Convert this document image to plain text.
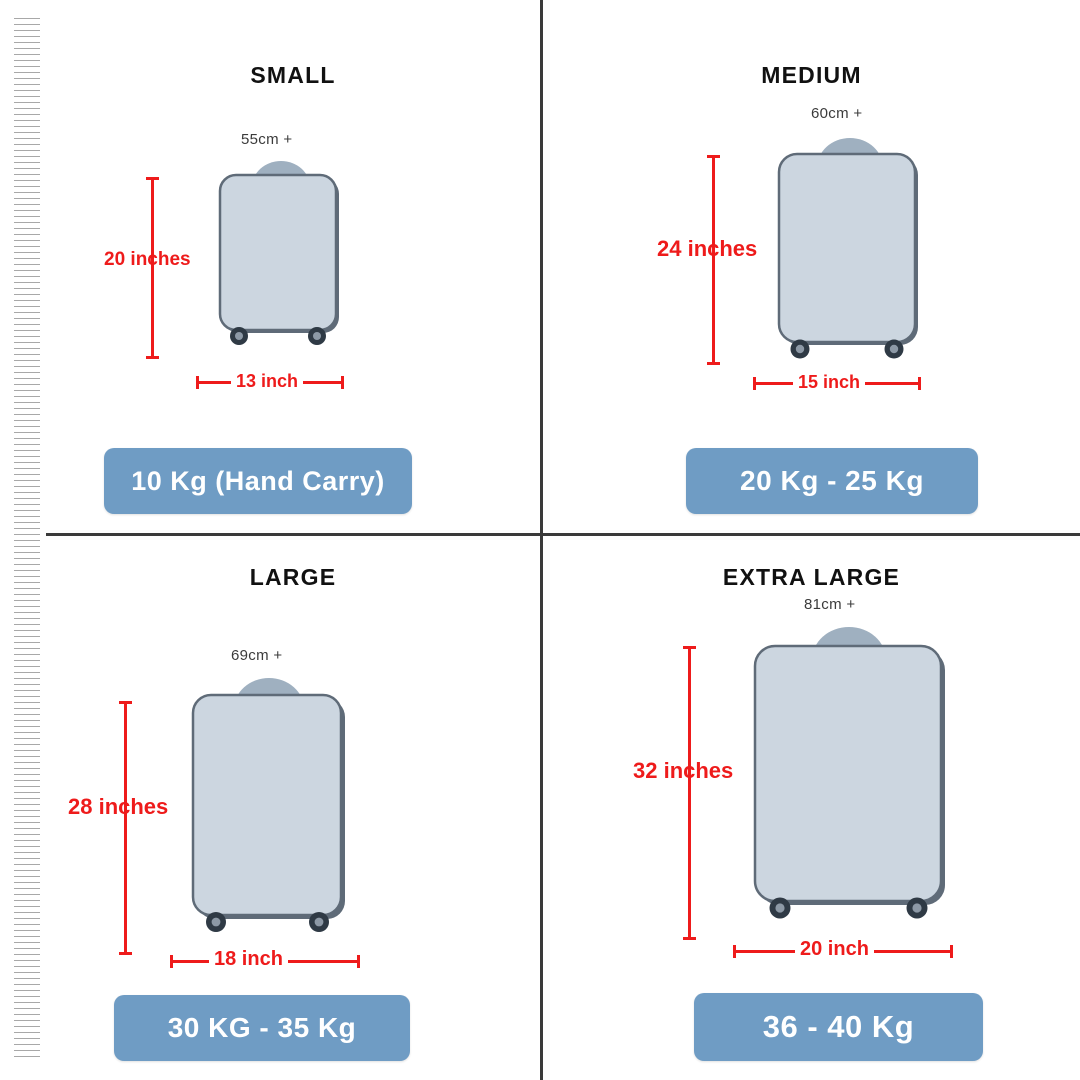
SMALL
55cm +
20 inches
13 inch
10 Kg (Hand Carry)
MEDIUM
60cm +
24 inches
15 inch
20 Kg - 25 Kg
LARGE
69cm +
28 inches
18 inch
30 KG - 35 Kg
EXTRA LARGE
81cm +
32 inches
20 inch
36 - 40 Kg
